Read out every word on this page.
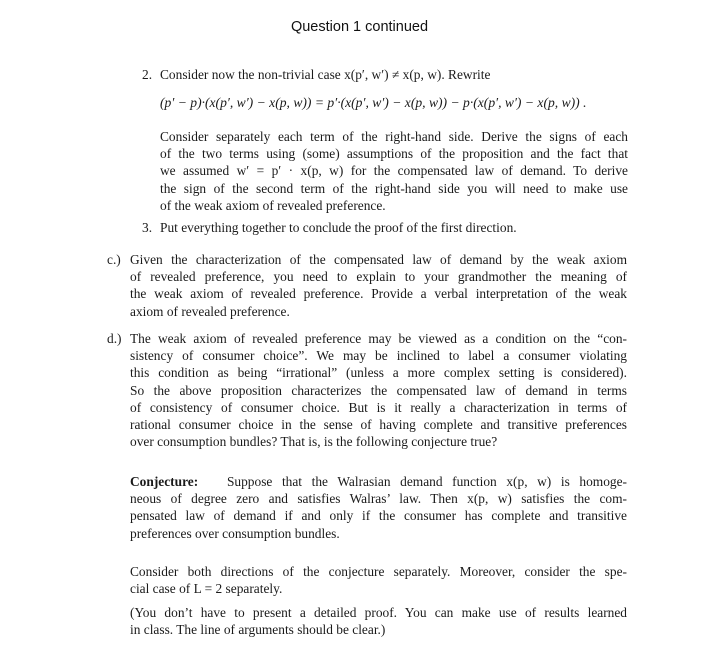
Question 1 continued
2. Consider now the non-trivial case x(p′, w′) ≠ x(p, w). Rewrite
(p′ − p)·(x(p′, w′) − x(p, w)) = p′·(x(p′, w′) − x(p, w)) − p·(x(p′, w′) − x(p, w)) .
Consider separately each term of the right-hand side. Derive the signs of each
of the two terms using (some) assumptions of the proposition and the fact that
we assumed w′ = p′ · x(p, w) for the compensated law of demand. To derive
the sign of the second term of the right-hand side you will need to make use
of the weak axiom of revealed preference.
3. Put everything together to conclude the proof of the first direction.
c.) Given the characterization of the compensated law of demand by the weak axiom
of revealed preference, you need to explain to your grandmother the meaning of
the weak axiom of revealed preference. Provide a verbal interpretation of the weak
axiom of revealed preference.
d.) The weak axiom of revealed preference may be viewed as a condition on the “con-
sistency of consumer choice”. We may be inclined to label a consumer violating
this condition as being “irrational” (unless a more complex setting is considered).
So the above proposition characterizes the compensated law of demand in terms
of consistency of consumer choice. But is it really a characterization in terms of
rational consumer choice in the sense of having complete and transitive preferences
over consumption bundles? That is, is the following conjecture true?
Conjecture: Suppose that the Walrasian demand function x(p, w) is homoge-
neous of degree zero and satisfies Walras’ law. Then x(p, w) satisfies the com-
pensated law of demand if and only if the consumer has complete and transitive
preferences over consumption bundles.
Consider both directions of the conjecture separately. Moreover, consider the spe-
cial case of L = 2 separately.
(You don’t have to present a detailed proof. You can make use of results learned
in class. The line of arguments should be clear.)
